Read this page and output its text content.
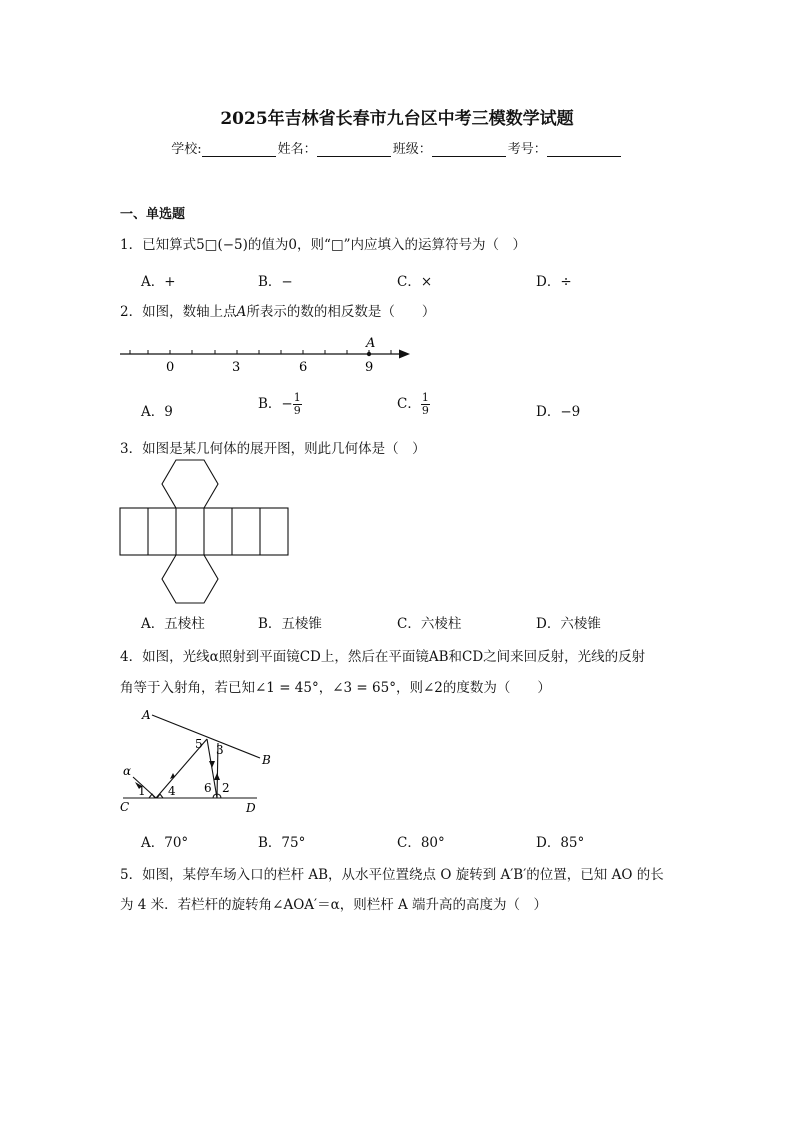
2025年吉林省长春市九台区中考三模数学试题
学校:	姓名：	班级：	考号：
一、单选题
1．已知算式5□(−5)的值为0，则“□”内应填入的运算符号为（　）
A．+	B．−	C．×	D．÷
2．如图，数轴上点A所表示的数的相反数是（　　）
A
0	3	6	9
A．9	B．− $\frac{1}{9}$	C． $\frac{1}{9}$	D．−9
3．如图是某几何体的展开图，则此几何体是（　）
A．五棱柱	B．五棱锥	C．六棱柱	D．六棱锥
4．如图，光线α照射到平面镜CD上，然后在平面镜AB和CD之间来回反射，光线的反射
角等于入射角，若已知∠1 = 45°，∠3 = 65°，则∠2的度数为（　　）
A
B
C	D
α
1	2
3
4
5
6
A．70°	B．75°	C．80°	D．85°
5．如图，某停车场入口的栏杆 AB，从水平位置绕点 O 旋转到 A′B′的位置，已知 AO 的长
为 4 米．若栏杆的旋转角∠AOA′＝α，则栏杆 A 端升高的高度为（　）
